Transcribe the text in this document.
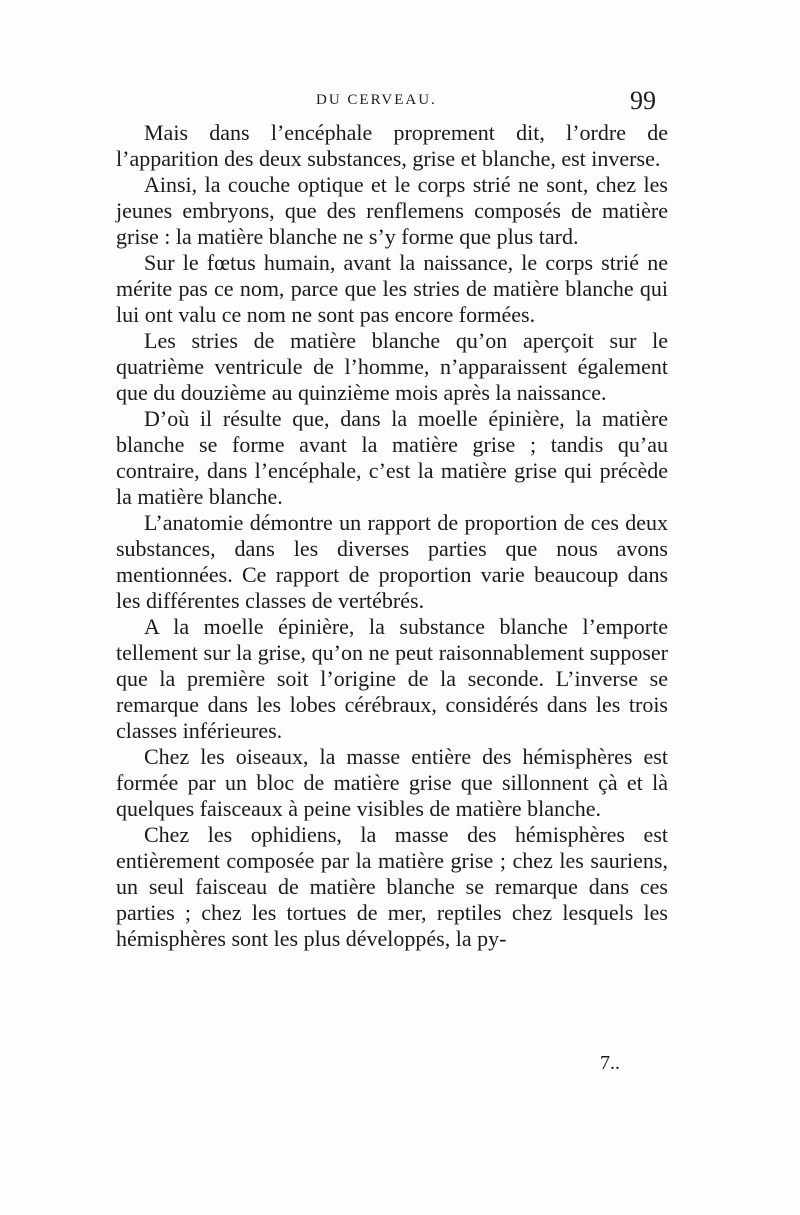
DU CERVEAU.	99

Mais dans l’encéphale proprement dit, l’ordre de l’apparition des deux substances, grise et blanche, est inverse.

Ainsi, la couche optique et le corps strié ne sont, chez les jeunes embryons, que des renflemens composés de matière grise : la matière blanche ne s’y forme que plus tard.

Sur le fœtus humain, avant la naissance, le corps strié ne mérite pas ce nom, parce que les stries de matière blanche qui lui ont valu ce nom ne sont pas encore formées.

Les stries de matière blanche qu’on aperçoit sur le quatrième ventricule de l’homme, n’apparaissent également que du douzième au quinzième mois après la naissance.

D’où il résulte que, dans la moelle épinière, la matière blanche se forme avant la matière grise ; tandis qu’au contraire, dans l’encéphale, c’est la matière grise qui précède la matière blanche.

L’anatomie démontre un rapport de proportion de ces deux substances, dans les diverses parties que nous avons mentionnées. Ce rapport de proportion varie beaucoup dans les différentes classes de vertébrés.

A la moelle épinière, la substance blanche l’emporte tellement sur la grise, qu’on ne peut raisonnablement supposer que la première soit l’origine de la seconde. L’inverse se remarque dans les lobes cérébraux, considérés dans les trois classes inférieures.

Chez les oiseaux, la masse entière des hémisphères est formée par un bloc de matière grise que sillonnent çà et là quelques faisceaux à peine visibles de matière blanche.

Chez les ophidiens, la masse des hémisphères est entièrement composée par la matière grise ; chez les sauriens, un seul faisceau de matière blanche se remarque dans ces parties ; chez les tortues de mer, reptiles chez lesquels les hémisphères sont les plus développés, la py-

7..
